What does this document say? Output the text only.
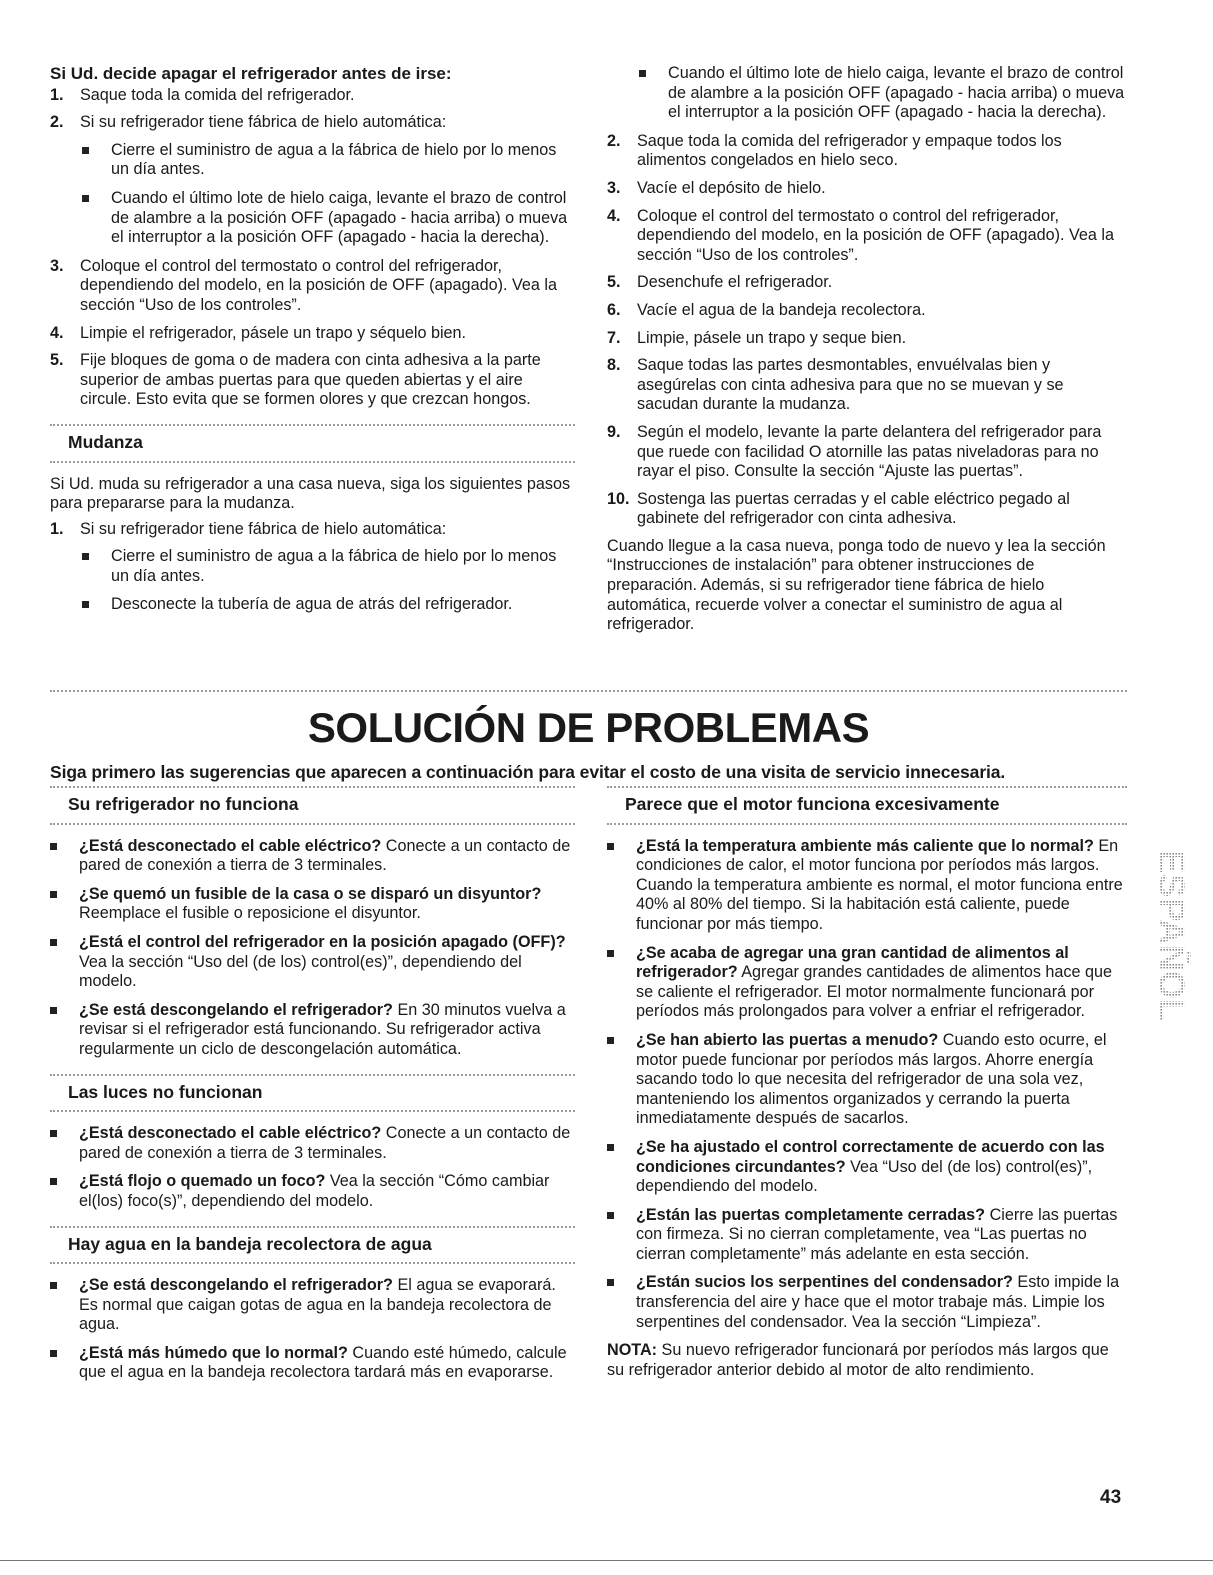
Si Ud. decide apagar el refrigerador antes de irse:
1. Saque toda la comida del refrigerador.
2. Si su refrigerador tiene fábrica de hielo automática:
Cierre el suministro de agua a la fábrica de hielo por lo menos un día antes.
Cuando el último lote de hielo caiga, levante el brazo de control de alambre a la posición OFF (apagado - hacia arriba) o mueva el interruptor a la posición OFF (apagado - hacia la derecha).
3. Coloque el control del termostato o control del refrigerador, dependiendo del modelo, en la posición de OFF (apagado). Vea la sección “Uso de los controles”.
4. Limpie el refrigerador, pásele un trapo y séquelo bien.
5. Fije bloques de goma o de madera con cinta adhesiva a la parte superior de ambas puertas para que queden abiertas y el aire circule. Esto evita que se formen olores y que crezcan hongos.
Mudanza
Si Ud. muda su refrigerador a una casa nueva, siga los siguientes pasos para prepararse para la mudanza.
1. Si su refrigerador tiene fábrica de hielo automática:
Cierre el suministro de agua a la fábrica de hielo por lo menos un día antes.
Desconecte la tubería de agua de atrás del refrigerador.
Cuando el último lote de hielo caiga, levante el brazo de control de alambre a la posición OFF (apagado - hacia arriba) o mueva el interruptor a la posición OFF (apagado - hacia la derecha).
2. Saque toda la comida del refrigerador y empaque todos los alimentos congelados en hielo seco.
3. Vacíe el depósito de hielo.
4. Coloque el control del termostato o control del refrigerador, dependiendo del modelo, en la posición de OFF (apagado). Vea la sección “Uso de los controles”.
5. Desenchufe el refrigerador.
6. Vacíe el agua de la bandeja recolectora.
7. Limpie, pásele un trapo y seque bien.
8. Saque todas las partes desmontables, envuélvalas bien y asegúrelas con cinta adhesiva para que no se muevan y se sacudan durante la mudanza.
9. Según el modelo, levante la parte delantera del refrigerador para que ruede con facilidad O atornille las patas niveladoras para no rayar el piso. Consulte la sección “Ajuste las puertas”.
10. Sostenga las puertas cerradas y el cable eléctrico pegado al gabinete del refrigerador con cinta adhesiva.
Cuando llegue a la casa nueva, ponga todo de nuevo y lea la sección “Instrucciones de instalación” para obtener instrucciones de preparación. Además, si su refrigerador tiene fábrica de hielo automática, recuerde volver a conectar el suministro de agua al refrigerador.
SOLUCIÓN DE PROBLEMAS
Su refrigerador no funciona
¿Está desconectado el cable eléctrico? Conecte a un contacto de pared de conexión a tierra de 3 terminales.
¿Se quemó un fusible de la casa o se disparó un disyuntor? Reemplace el fusible o reposicione el disyuntor.
¿Está el control del refrigerador en la posición apagado (OFF)? Vea la sección “Uso del (de los) control(es)”, dependiendo del modelo.
¿Se está descongelando el refrigerador? En 30 minutos vuelva a revisar si el refrigerador está funcionando. Su refrigerador activa regularmente un ciclo de descongelación automática.
Las luces no funcionan
¿Está desconectado el cable eléctrico? Conecte a un contacto de pared de conexión a tierra de 3 terminales.
¿Está flojo o quemado un foco? Vea la sección “Cómo cambiar el(los) foco(s)”, dependiendo del modelo.
Hay agua en la bandeja recolectora de agua
¿Se está descongelando el refrigerador? El agua se evaporará. Es normal que caigan gotas de agua en la bandeja recolectora de agua.
¿Está más húmedo que lo normal? Cuando esté húmedo, calcule que el agua en la bandeja recolectora tardará más en evaporarse.
Parece que el motor funciona excesivamente
¿Está la temperatura ambiente más caliente que lo normal? En condiciones de calor, el motor funciona por períodos más largos. Cuando la temperatura ambiente es normal, el motor funciona entre 40% al 80% del tiempo. Si la habitación está caliente, puede funcionar por más tiempo.
¿Se acaba de agregar una gran cantidad de alimentos al refrigerador? Agregar grandes cantidades de alimentos hace que se caliente el refrigerador. El motor normalmente funcionará por períodos más prolongados para volver a enfriar el refrigerador.
¿Se han abierto las puertas a menudo? Cuando esto ocurre, el motor puede funcionar por períodos más largos. Ahorre energía sacando todo lo que necesita del refrigerador de una sola vez, manteniendo los alimentos organizados y cerrando la puerta inmediatamente después de sacarlos.
¿Se ha ajustado el control correctamente de acuerdo con las condiciones circundantes? Vea “Uso del (de los) control(es)”, dependiendo del modelo.
¿Están las puertas completamente cerradas? Cierre las puertas con firmeza. Si no cierran completamente, vea “Las puertas no cierran completamente” más adelante en esta sección.
¿Están sucios los serpentines del condensador? Esto impide la transferencia del aire y hace que el motor trabaje más. Limpie los serpentines del condensador. Vea la sección “Limpieza”.
NOTA: Su nuevo refrigerador funcionará por períodos más largos que su refrigerador anterior debido al motor de alto rendimiento.
Siga primero las sugerencias que aparecen a continuación para evitar el costo de una visita de servicio innecesaria.
ESPAÑOL
43
